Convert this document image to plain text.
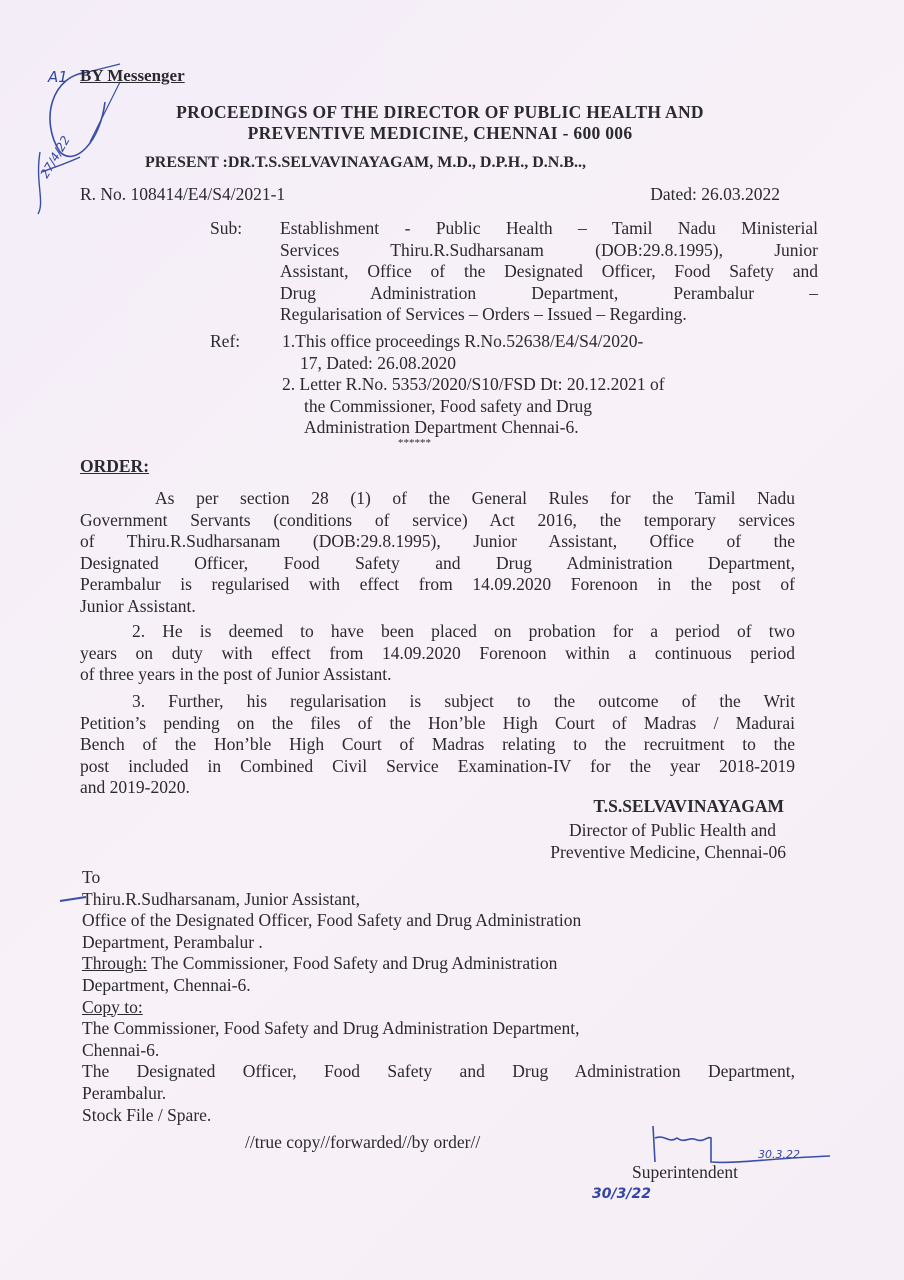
A1
27/4/22
BY Messenger
PROCEEDINGS OF THE DIRECTOR OF PUBLIC HEALTH AND
PREVENTIVE MEDICINE, CHENNAI - 600 006
PRESENT :DR.T.S.SELVAVINAYAGAM, M.D., D.P.H., D.N.B..,
R. No. 108414/E4/S4/2021-1	Dated: 26.03.2022
Sub: Establishment - Public Health – Tamil Nadu Ministerial
Services Thiru.R.Sudharsanam (DOB:29.8.1995), Junior
Assistant, Office of the Designated Officer, Food Safety and
Drug Administration Department, Perambalur –
Regularisation of Services – Orders – Issued – Regarding.
Ref: 1.This office proceedings R.No.52638/E4/S4/2020-
17, Dated: 26.08.2020
2. Letter R.No. 5353/2020/S10/FSD Dt: 20.12.2021 of
the Commissioner, Food safety and Drug
Administration Department Chennai-6.
******
ORDER:
As per section 28 (1) of the General Rules for the Tamil Nadu
Government Servants (conditions of service) Act 2016, the temporary services
of Thiru.R.Sudharsanam (DOB:29.8.1995), Junior Assistant, Office of the
Designated Officer, Food Safety and Drug Administration Department,
Perambalur is regularised with effect from 14.09.2020 Forenoon in the post of
Junior Assistant.
2. He is deemed to have been placed on probation for a period of two
years on duty with effect from 14.09.2020 Forenoon within a continuous period
of three years in the post of Junior Assistant.
3. Further, his regularisation is subject to the outcome of the Writ
Petition’s pending on the files of the Hon’ble High Court of Madras / Madurai
Bench of the Hon’ble High Court of Madras relating to the recruitment to the
post included in Combined Civil Service Examination-IV for the year 2018-2019
and 2019-2020.
T.S.SELVAVINAYAGAM
Director of Public Health and
Preventive Medicine, Chennai-06
To
Thiru.R.Sudharsanam, Junior Assistant,
Office of the Designated Officer, Food Safety and Drug Administration
Department, Perambalur .
Through: The Commissioner, Food Safety and Drug Administration
Department, Chennai-6.
Copy to:
The Commissioner, Food Safety and Drug Administration Department,
Chennai-6.
The Designated Officer, Food Safety and Drug Administration Department,
Perambalur.
Stock File / Spare.
//true copy//forwarded//by order//
30.3.22
Superintendent
30/3/22
